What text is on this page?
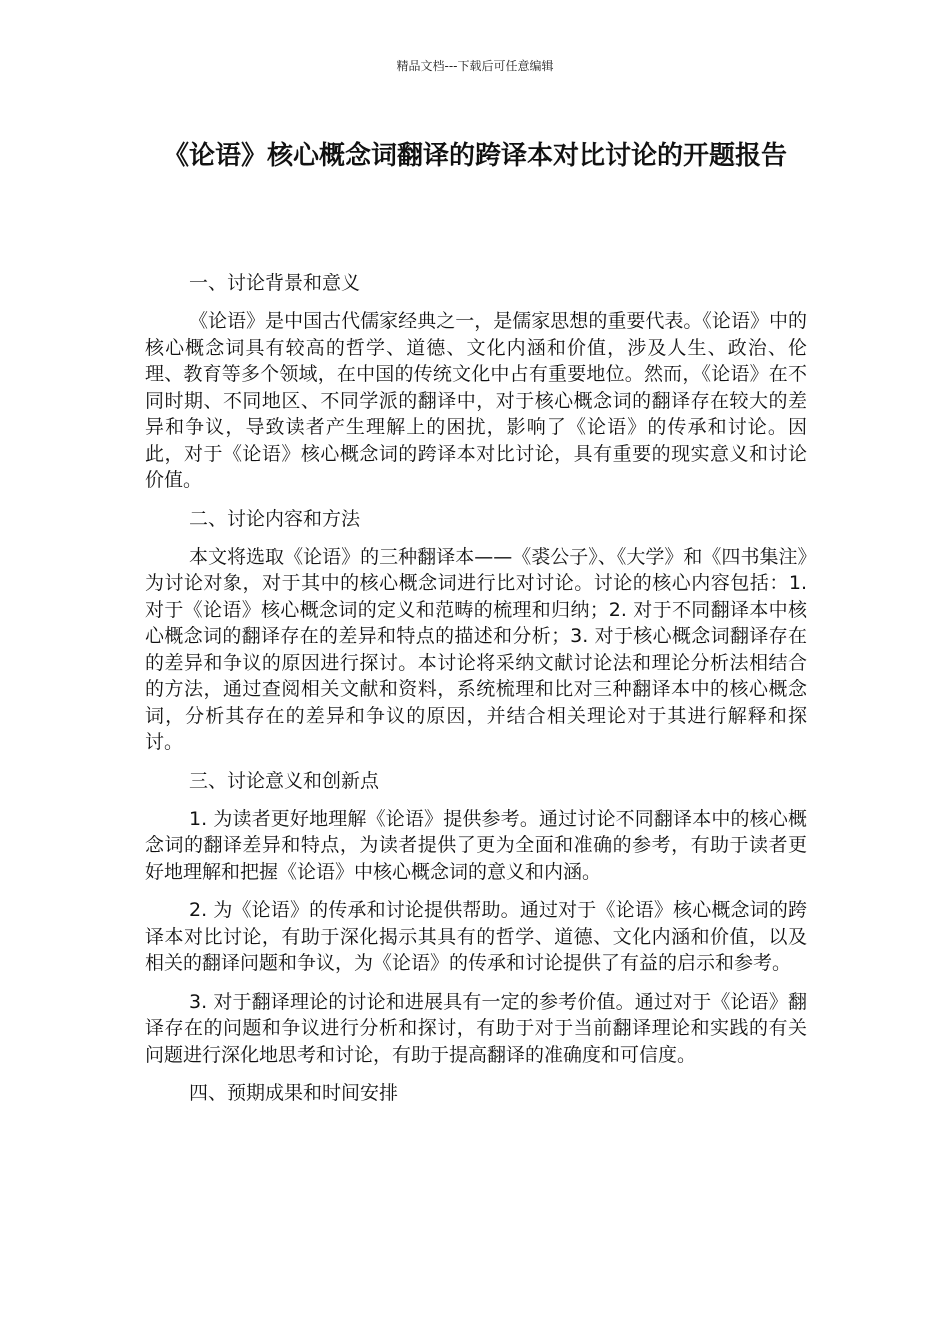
精品文档---下载后可任意编辑
《论语》核心概念词翻译的跨译本对比讨论的开题报告

一、讨论背景和意义

《论语》是中国古代儒家经典之一，是儒家思想的重要代表。《论语》中的核心概念词具有较高的哲学、道德、文化内涵和价值，涉及人生、政治、伦理、教育等多个领域，在中国的传统文化中占有重要地位。然而，《论语》在不同时期、不同地区、不同学派的翻译中，对于核心概念词的翻译存在较大的差异和争议，导致读者产生理解上的困扰，影响了《论语》的传承和讨论。因此，对于《论语》核心概念词的跨译本对比讨论，具有重要的现实意义和讨论价值。

二、讨论内容和方法

本文将选取《论语》的三种翻译本——《裘公子》、《大学》和《四书集注》为讨论对象，对于其中的核心概念词进行比对讨论。讨论的核心内容包括：1. 对于《论语》核心概念词的定义和范畴的梳理和归纳；2. 对于不同翻译本中核心概念词的翻译存在的差异和特点的描述和分析；3. 对于核心概念词翻译存在的差异和争议的原因进行探讨。本讨论将采纳文献讨论法和理论分析法相结合的方法，通过查阅相关文献和资料，系统梳理和比对三种翻译本中的核心概念词，分析其存在的差异和争议的原因，并结合相关理论对于其进行解释和探讨。

三、讨论意义和创新点

1. 为读者更好地理解《论语》提供参考。通过讨论不同翻译本中的核心概念词的翻译差异和特点，为读者提供了更为全面和准确的参考，有助于读者更好地理解和把握《论语》中核心概念词的意义和内涵。

2. 为《论语》的传承和讨论提供帮助。通过对于《论语》核心概念词的跨译本对比讨论，有助于深化揭示其具有的哲学、道德、文化内涵和价值，以及相关的翻译问题和争议，为《论语》的传承和讨论提供了有益的启示和参考。

3. 对于翻译理论的讨论和进展具有一定的参考价值。通过对于《论语》翻译存在的问题和争议进行分析和探讨，有助于对于当前翻译理论和实践的有关问题进行深化地思考和讨论，有助于提高翻译的准确度和可信度。

四、预期成果和时间安排
